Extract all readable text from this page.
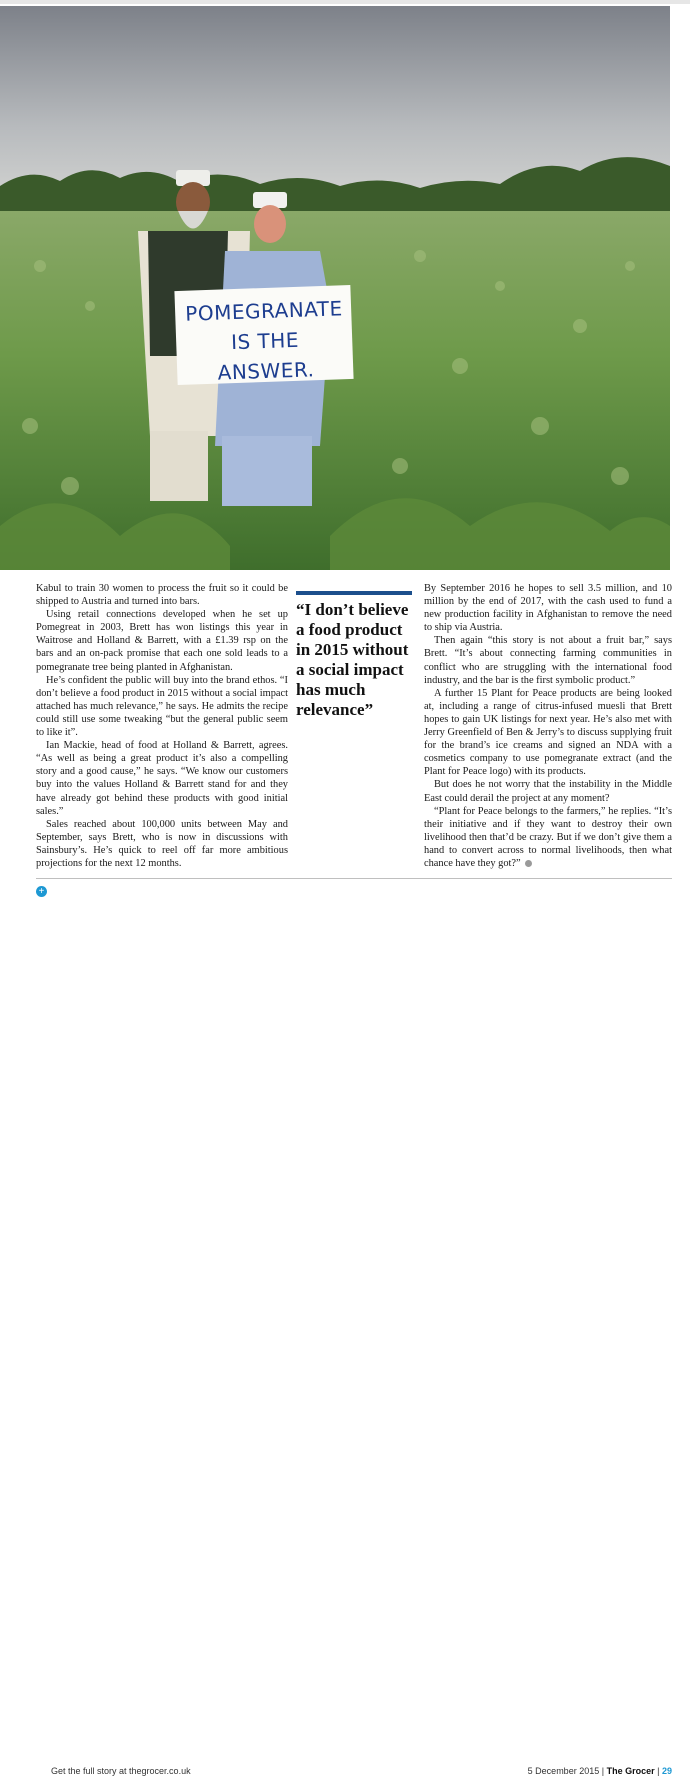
POMEGRANATE
IS THE
ANSWER.

Kabul to train 30 women to process the fruit so it could be shipped to Austria and turned into bars.

Using retail connections developed when he set up Pomegreat in 2003, Brett has won listings this year in Waitrose and Holland & Barrett, with a £1.39 rsp on the bars and an on-pack promise that each one sold leads to a pomegranate tree being planted in Afghanistan.

He’s confident the public will buy into the brand ethos. “I don’t believe a food product in 2015 without a social impact attached has much relevance,” he says. He admits the recipe could still use some tweaking “but the general public seem to like it”.

Ian Mackie, head of food at Holland & Barrett, agrees. “As well as being a great product it’s also a compelling story and a good cause,” he says. “We know our customers buy into the values Holland & Barrett stand for and they have already got behind these products with good initial sales.”

Sales reached about 100,000 units between May and September, says Brett, who is now in discussions with Sainsbury’s. He’s quick to reel off far more ambitious projections for the next 12 months.

“I don’t believe a food product in 2015 without a social impact has much relevance”

By September 2016 he hopes to sell 3.5 million, and 10 million by the end of 2017, with the cash used to fund a new production facility in Afghanistan to remove the need to ship via Austria.

Then again “this story is not about a fruit bar,” says Brett. “It’s about connecting farming communities in conflict who are struggling with the international food industry, and the bar is the first symbolic product.”

A further 15 Plant for Peace products are being looked at, including a range of citrus-infused muesli that Brett hopes to gain UK listings for next year. He’s also met with Jerry Greenfield of Ben & Jerry’s to discuss supplying fruit for the brand’s ice creams and signed an NDA with a cosmetics company to use pomegranate extract (and the Plant for Peace logo) with its products.

But does he not worry that the instability in the Middle East could derail the project at any moment?

“Plant for Peace belongs to the farmers,” he replies. “It’s their initiative and if they want to destroy their own livelihood then that’d be crazy. But if we don’t give them a hand to convert across to normal livelihoods, then what chance have they got?”

+
Get the full story at thegrocer.co.uk	5 December 2015 | The Grocer | 29
